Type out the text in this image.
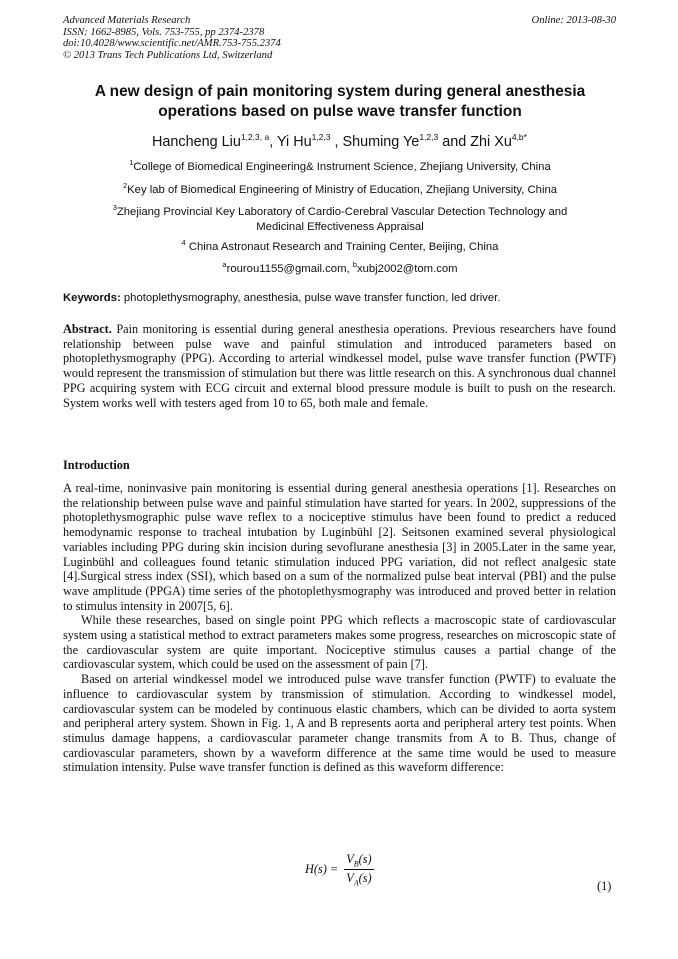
Advanced Materials Research
ISSN: 1662-8985, Vols. 753-755, pp 2374-2378
doi:10.4028/www.scientific.net/AMR.753-755.2374
© 2013 Trans Tech Publications Ltd, Switzerland
Online: 2013-08-30
A new design of pain monitoring system during general anesthesia
operations based on pulse wave transfer function
Hancheng Liu$^{1,2,3, a}$, Yi Hu$^{1,2,3}$ , Shuming Ye$^{1,2,3}$ and Zhi $Xu^{4,b*}$
$^1$College of Biomedical Engineering& Instrument Science, Zhejiang University, China
$^2$Key lab of Biomedical Engineering of Ministry of Education, Zhejiang University, China
$^3$Zhejiang Provincial Key Laboratory of Cardio-Cerebral Vascular Detection Technology and
Medicinal Effectiveness Appraisal
$^4$ China Astronaut Research and Training Center, Beijing, China
$^a$rourou1155@gmail.com, $^b$xubj2002@tom.com
Keywords: photoplethysmography, anesthesia, pulse wave transfer function, led driver.
Abstract. Pain monitoring is essential during general anesthesia operations. Previous researchers have found relationship between pulse wave and painful stimulation and introduced parameters based on photoplethysmography (PPG). According to arterial windkessel model, pulse wave transfer function (PWTF) would represent the transmission of stimulation but there was little research on this. A synchronous dual channel PPG acquiring system with ECG circuit and external blood pressure module is built to push on the research. System works well with testers aged from 10 to 65, both male and female.
Introduction
A real-time, noninvasive pain monitoring is essential during general anesthesia operations [1]. Researches on the relationship between pulse wave and painful stimulation have started for years. In 2002, suppressions of the photoplethysmographic pulse wave reflex to a nociceptive stimulus have been found to predict a reduced hemodynamic response to tracheal intubation by Luginbühl [2]. Seitsonen examined several physiological variables including PPG during skin incision during sevoflurane anesthesia [3] in 2005.Later in the same year, Luginbühl and colleagues found tetanic stimulation induced PPG variation, did not reflect analgesic state [4].Surgical stress index (SSI), which based on a sum of the normalized pulse beat interval (PBI) and the pulse wave amplitude (PPGA) time series of the photoplethysmography was introduced and proved better in relation to stimulus intensity in 2007[5, 6].
While these researches, based on single point PPG which reflects a macroscopic state of cardiovascular system using a statistical method to extract parameters makes some progress, researches on microscopic state of the cardiovascular system are quite important. Nociceptive stimulus causes a partial change of the cardiovascular system, which could be used on the assessment of pain [7].
Based on arterial windkessel model we introduced pulse wave transfer function (PWTF) to evaluate the influence to cardiovascular system by transmission of stimulation. According to windkessel model, cardiovascular system can be modeled by continuous elastic chambers, which can be divided to aorta system and peripheral artery system. Shown in Fig. 1, A and B represents aorta and peripheral artery test points. When stimulus damage happens, a cardiovascular parameter change transmits from A to B. Thus, change of cardiovascular parameters, shown by a waveform difference at the same time would be used to measure stimulation intensity. Pulse wave transfer function is defined as this waveform difference:
$H(s) = \frac{V_B(s)}{V_A(s)}$	(1)
